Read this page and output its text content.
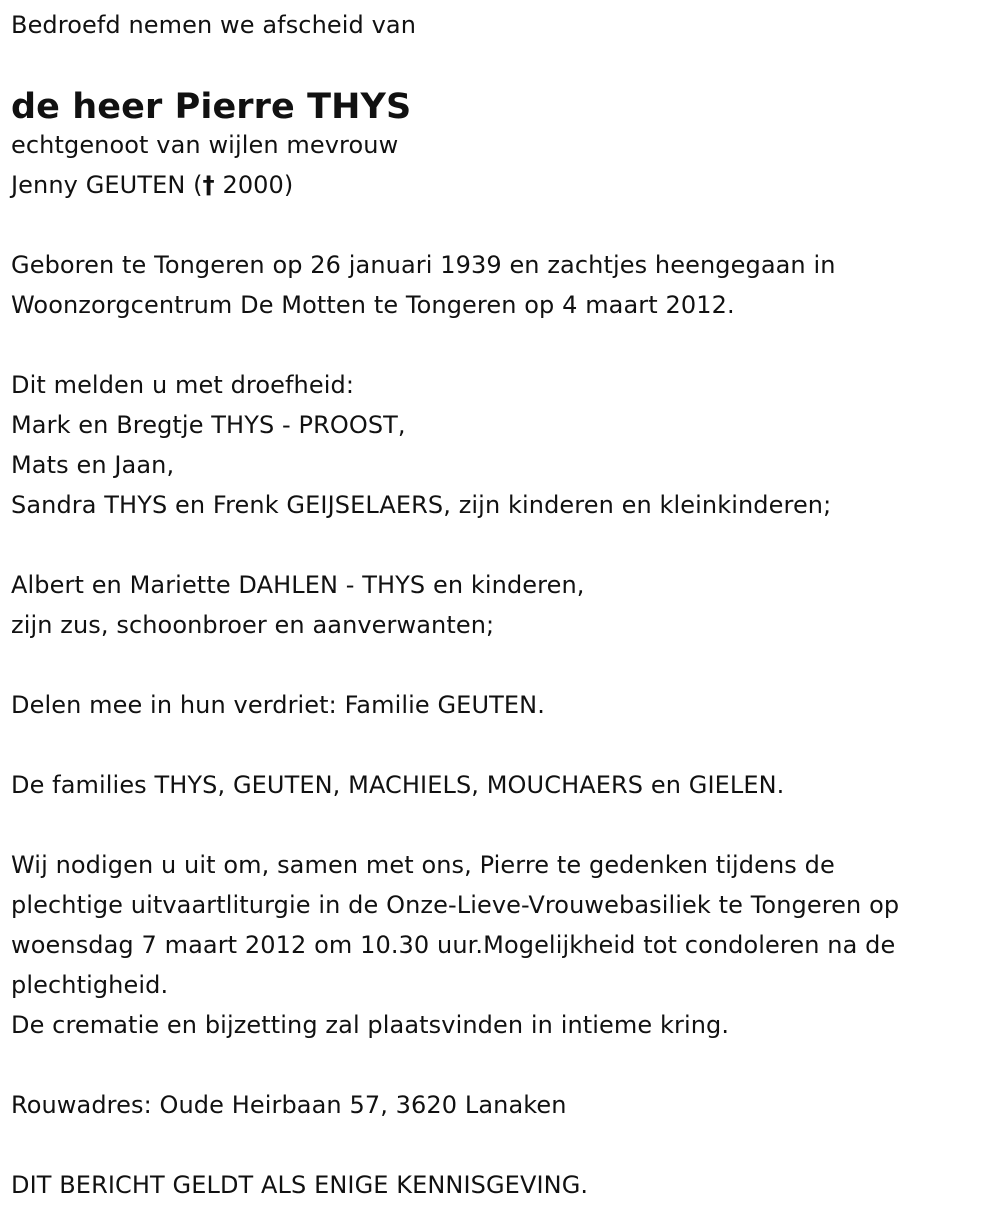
Bedroefd nemen we afscheid van
de heer Pierre THYS
echtgenoot van wijlen mevrouw
Jenny GEUTEN († 2000)
Geboren te Tongeren op 26 januari 1939 en zachtjes heengegaan in
Woonzorgcentrum De Motten te Tongeren op 4 maart 2012.
Dit melden u met droefheid:
Mark en Bregtje THYS - PROOST,
Mats en Jaan,
Sandra THYS en Frenk GEIJSELAERS, zijn kinderen en kleinkinderen;
Albert en Mariette DAHLEN - THYS en kinderen,
zijn zus, schoonbroer en aanverwanten;
Delen mee in hun verdriet: Familie GEUTEN.
De families THYS, GEUTEN, MACHIELS, MOUCHAERS en GIELEN.
Wij nodigen u uit om, samen met ons, Pierre te gedenken tijdens de
plechtige uitvaartliturgie in de Onze-Lieve-Vrouwebasiliek te Tongeren op
woensdag 7 maart 2012 om 10.30 uur.Mogelijkheid tot condoleren na de
plechtigheid.
De crematie en bijzetting zal plaatsvinden in intieme kring.
Rouwadres: Oude Heirbaan 57, 3620 Lanaken
DIT BERICHT GELDT ALS ENIGE KENNISGEVING.
